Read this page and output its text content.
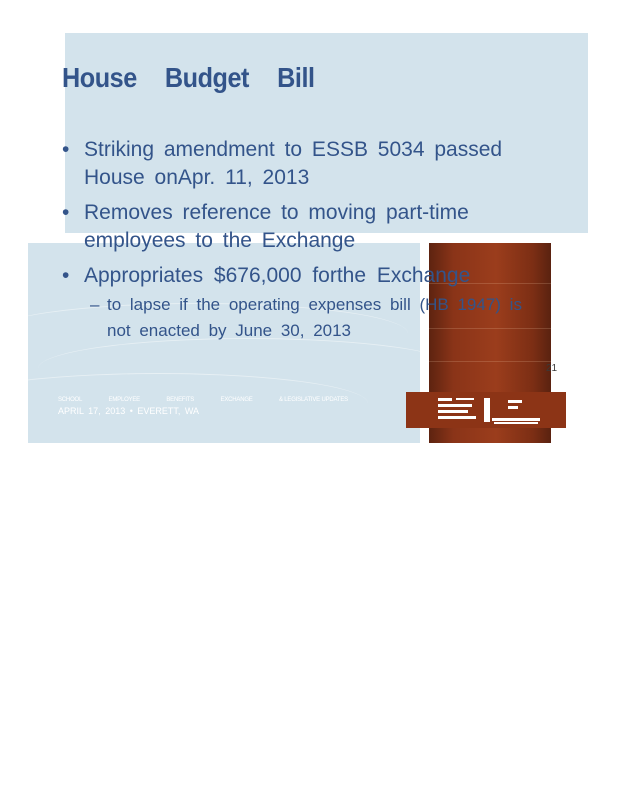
House Budget Bill
• Striking amendment to ESSB 5034 passed House onApr. 11, 2013
• Removes reference to moving part-time employees to the Exchange
• Appropriates $676,000 forthe Exchange
– to lapse if the operating expenses bill (HB 1947) is not enacted by June 30, 2013
21
SCHOOL	EMPLOYEE	BENEFITS	EXCHANGE	& LEGISLATIVE UPDATES
APRIL 17, 2013 • EVERETT, WA
